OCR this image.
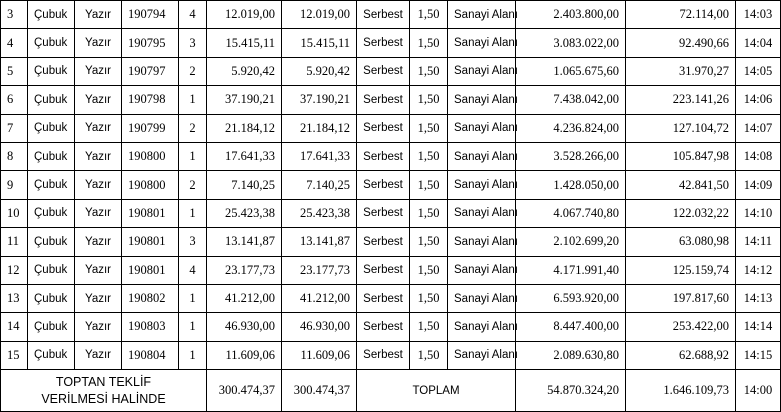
3	Çubuk	Yazır	190794	4	12.019,00	12.019,00	Serbest	1,50	Sanayi Alanı	2.403.800,00	72.114,00	14:03
4	Çubuk	Yazır	190795	3	15.415,11	15.415,11	Serbest	1,50	Sanayi Alanı	3.083.022,00	92.490,66	14:04
5	Çubuk	Yazır	190797	2	5.920,42	5.920,42	Serbest	1,50	Sanayi Alanı	1.065.675,60	31.970,27	14:05
6	Çubuk	Yazır	190798	1	37.190,21	37.190,21	Serbest	1,50	Sanayi Alanı	7.438.042,00	223.141,26	14:06
7	Çubuk	Yazır	190799	2	21.184,12	21.184,12	Serbest	1,50	Sanayi Alanı	4.236.824,00	127.104,72	14:07
8	Çubuk	Yazır	190800	1	17.641,33	17.641,33	Serbest	1,50	Sanayi Alanı	3.528.266,00	105.847,98	14:08
9	Çubuk	Yazır	190800	2	7.140,25	7.140,25	Serbest	1,50	Sanayi Alanı	1.428.050,00	42.841,50	14:09
10	Çubuk	Yazır	190801	1	25.423,38	25.423,38	Serbest	1,50	Sanayi Alanı	4.067.740,80	122.032,22	14:10
11	Çubuk	Yazır	190801	3	13.141,87	13.141,87	Serbest	1,50	Sanayi Alanı	2.102.699,20	63.080,98	14:11
12	Çubuk	Yazır	190801	4	23.177,73	23.177,73	Serbest	1,50	Sanayi Alanı	4.171.991,40	125.159,74	14:12
13	Çubuk	Yazır	190802	1	41.212,00	41.212,00	Serbest	1,50	Sanayi Alanı	6.593.920,00	197.817,60	14:13
14	Çubuk	Yazır	190803	1	46.930,00	46.930,00	Serbest	1,50	Sanayi Alanı	8.447.400,00	253.422,00	14:14
15	Çubuk	Yazır	190804	1	11.609,06	11.609,06	Serbest	1,50	Sanayi Alanı	2.089.630,80	62.688,92	14:15

TOPTAN TEKLİF
VERİLMESİ HALİNDE					300.474,37	300.474,37	TOPLAM			54.870.324,20	1.646.109,73	14:00
